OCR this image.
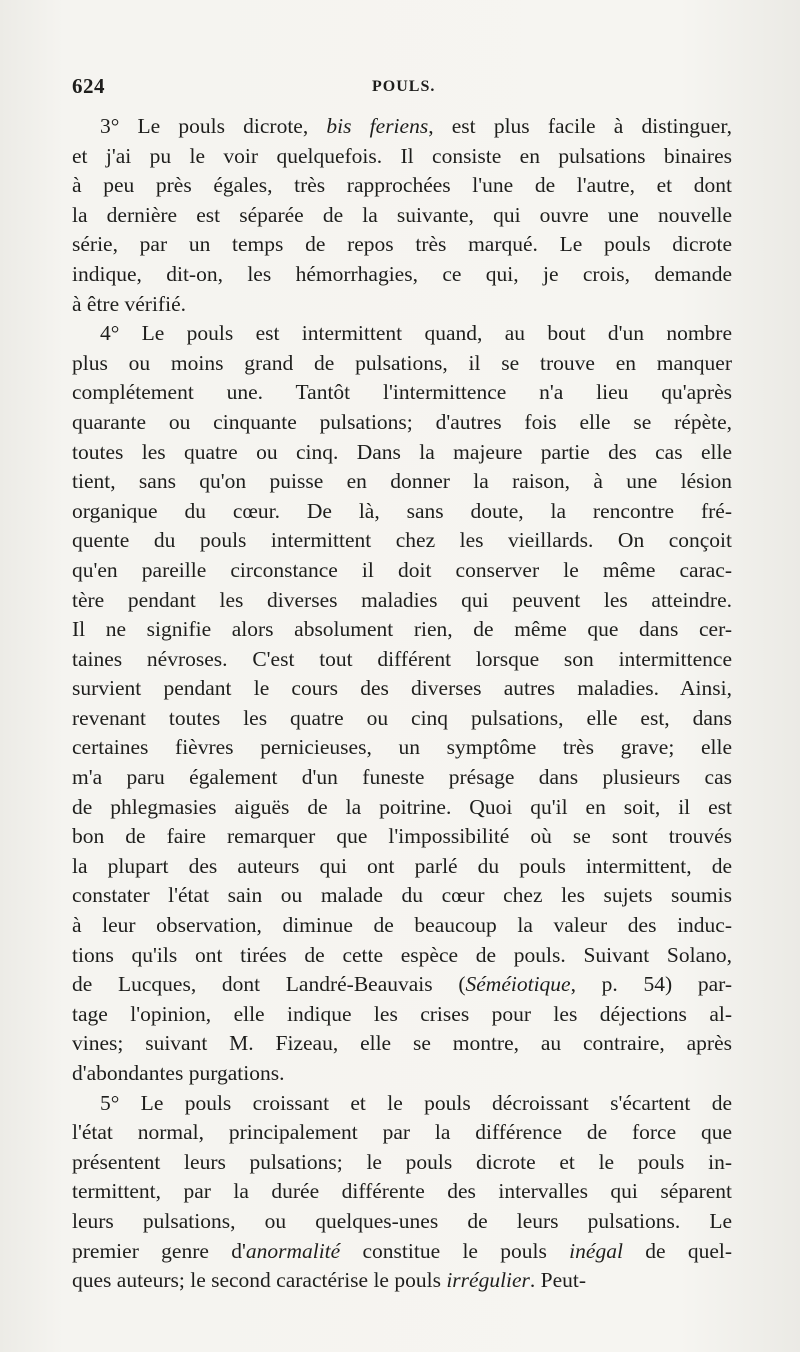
624	POULS.

3° Le pouls dicrote, bis feriens, est plus facile à distinguer,
et j'ai pu le voir quelquefois. Il consiste en pulsations binaires
à peu près égales, très rapprochées l'une de l'autre, et dont
la dernière est séparée de la suivante, qui ouvre une nouvelle
série, par un temps de repos très marqué. Le pouls dicrote
indique, dit-on, les hémorrhagies, ce qui, je crois, demande
à être vérifié.

4° Le pouls est intermittent quand, au bout d'un nombre
plus ou moins grand de pulsations, il se trouve en manquer
complétement une. Tantôt l'intermittence n'a lieu qu'après
quarante ou cinquante pulsations; d'autres fois elle se répète,
toutes les quatre ou cinq. Dans la majeure partie des cas elle
tient, sans qu'on puisse en donner la raison, à une lésion
organique du cœur. De là, sans doute, la rencontre fré-
quente du pouls intermittent chez les vieillards. On conçoit
qu'en pareille circonstance il doit conserver le même carac-
tère pendant les diverses maladies qui peuvent les atteindre.
Il ne signifie alors absolument rien, de même que dans cer-
taines névroses. C'est tout différent lorsque son intermittence
survient pendant le cours des diverses autres maladies. Ainsi,
revenant toutes les quatre ou cinq pulsations, elle est, dans
certaines fièvres pernicieuses, un symptôme très grave; elle
m'a paru également d'un funeste présage dans plusieurs cas
de phlegmasies aiguës de la poitrine. Quoi qu'il en soit, il est
bon de faire remarquer que l'impossibilité où se sont trouvés
la plupart des auteurs qui ont parlé du pouls intermittent, de
constater l'état sain ou malade du cœur chez les sujets soumis
à leur observation, diminue de beaucoup la valeur des induc-
tions qu'ils ont tirées de cette espèce de pouls. Suivant Solano,
de Lucques, dont Landré-Beauvais (Séméiotique, p. 54) par-
tage l'opinion, elle indique les crises pour les déjections al-
vines; suivant M. Fizeau, elle se montre, au contraire, après
d'abondantes purgations.

5° Le pouls croissant et le pouls décroissant s'écartent de
l'état normal, principalement par la différence de force que
présentent leurs pulsations; le pouls dicrote et le pouls in-
termittent, par la durée différente des intervalles qui séparent
leurs pulsations, ou quelques-unes de leurs pulsations. Le
premier genre d'anormalité constitue le pouls inégal de quel-
ques auteurs; le second caractérise le pouls irrégulier. Peut-
